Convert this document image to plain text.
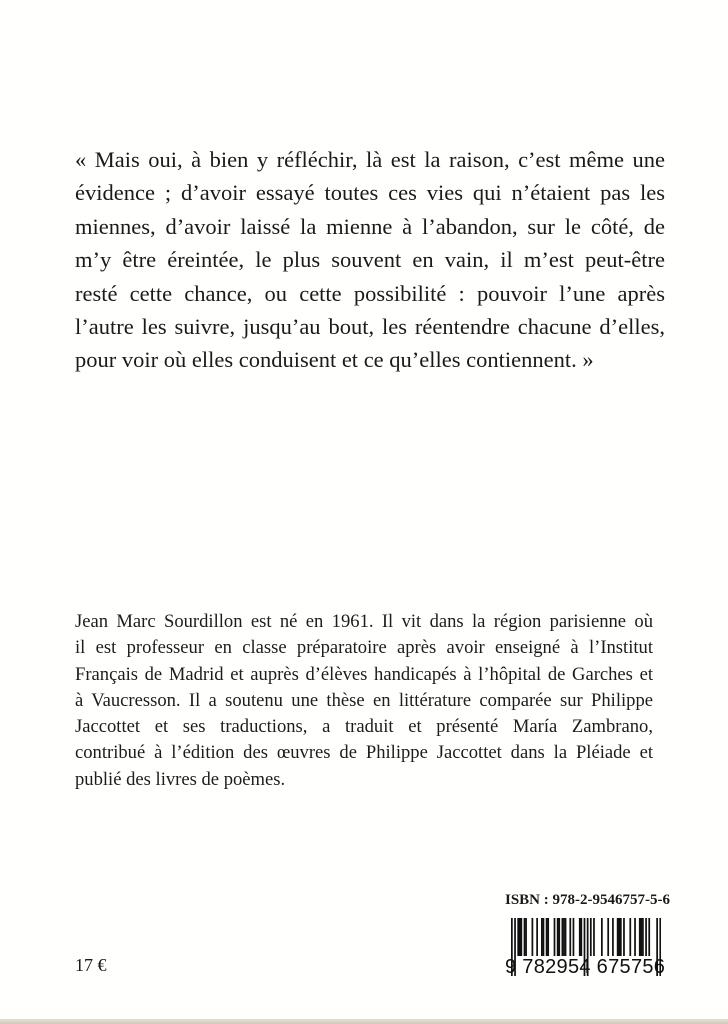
« Mais oui, à bien y réfléchir, là est la raison, c’est même une
évidence ; d’avoir essayé toutes ces vies qui n’étaient pas les
miennes, d’avoir laissé la mienne à l’abandon, sur le côté, de
m’y être éreintée, le plus souvent en vain, il m’est peut-être
resté cette chance, ou cette possibilité : pouvoir l’une après
l’autre les suivre, jusqu’au bout, les réentendre chacune d’elles,
pour voir où elles conduisent et ce qu’elles contiennent. »
Jean Marc Sourdillon est né en 1961. Il vit dans la région parisienne où
il est professeur en classe préparatoire après avoir enseigné à l’Institut
Français de Madrid et auprès d’élèves handicapés à l’hôpital de Garches et
à Vaucresson. Il a soutenu une thèse en littérature comparée sur Philippe
Jaccottet et ses traductions, a traduit et présenté María Zambrano,
contribué à l’édition des œuvres de Philippe Jaccottet dans la Pléiade et
publié des livres de poèmes.
ISBN : 978-2-9546757-5-6
9 782954 675756
17 €
